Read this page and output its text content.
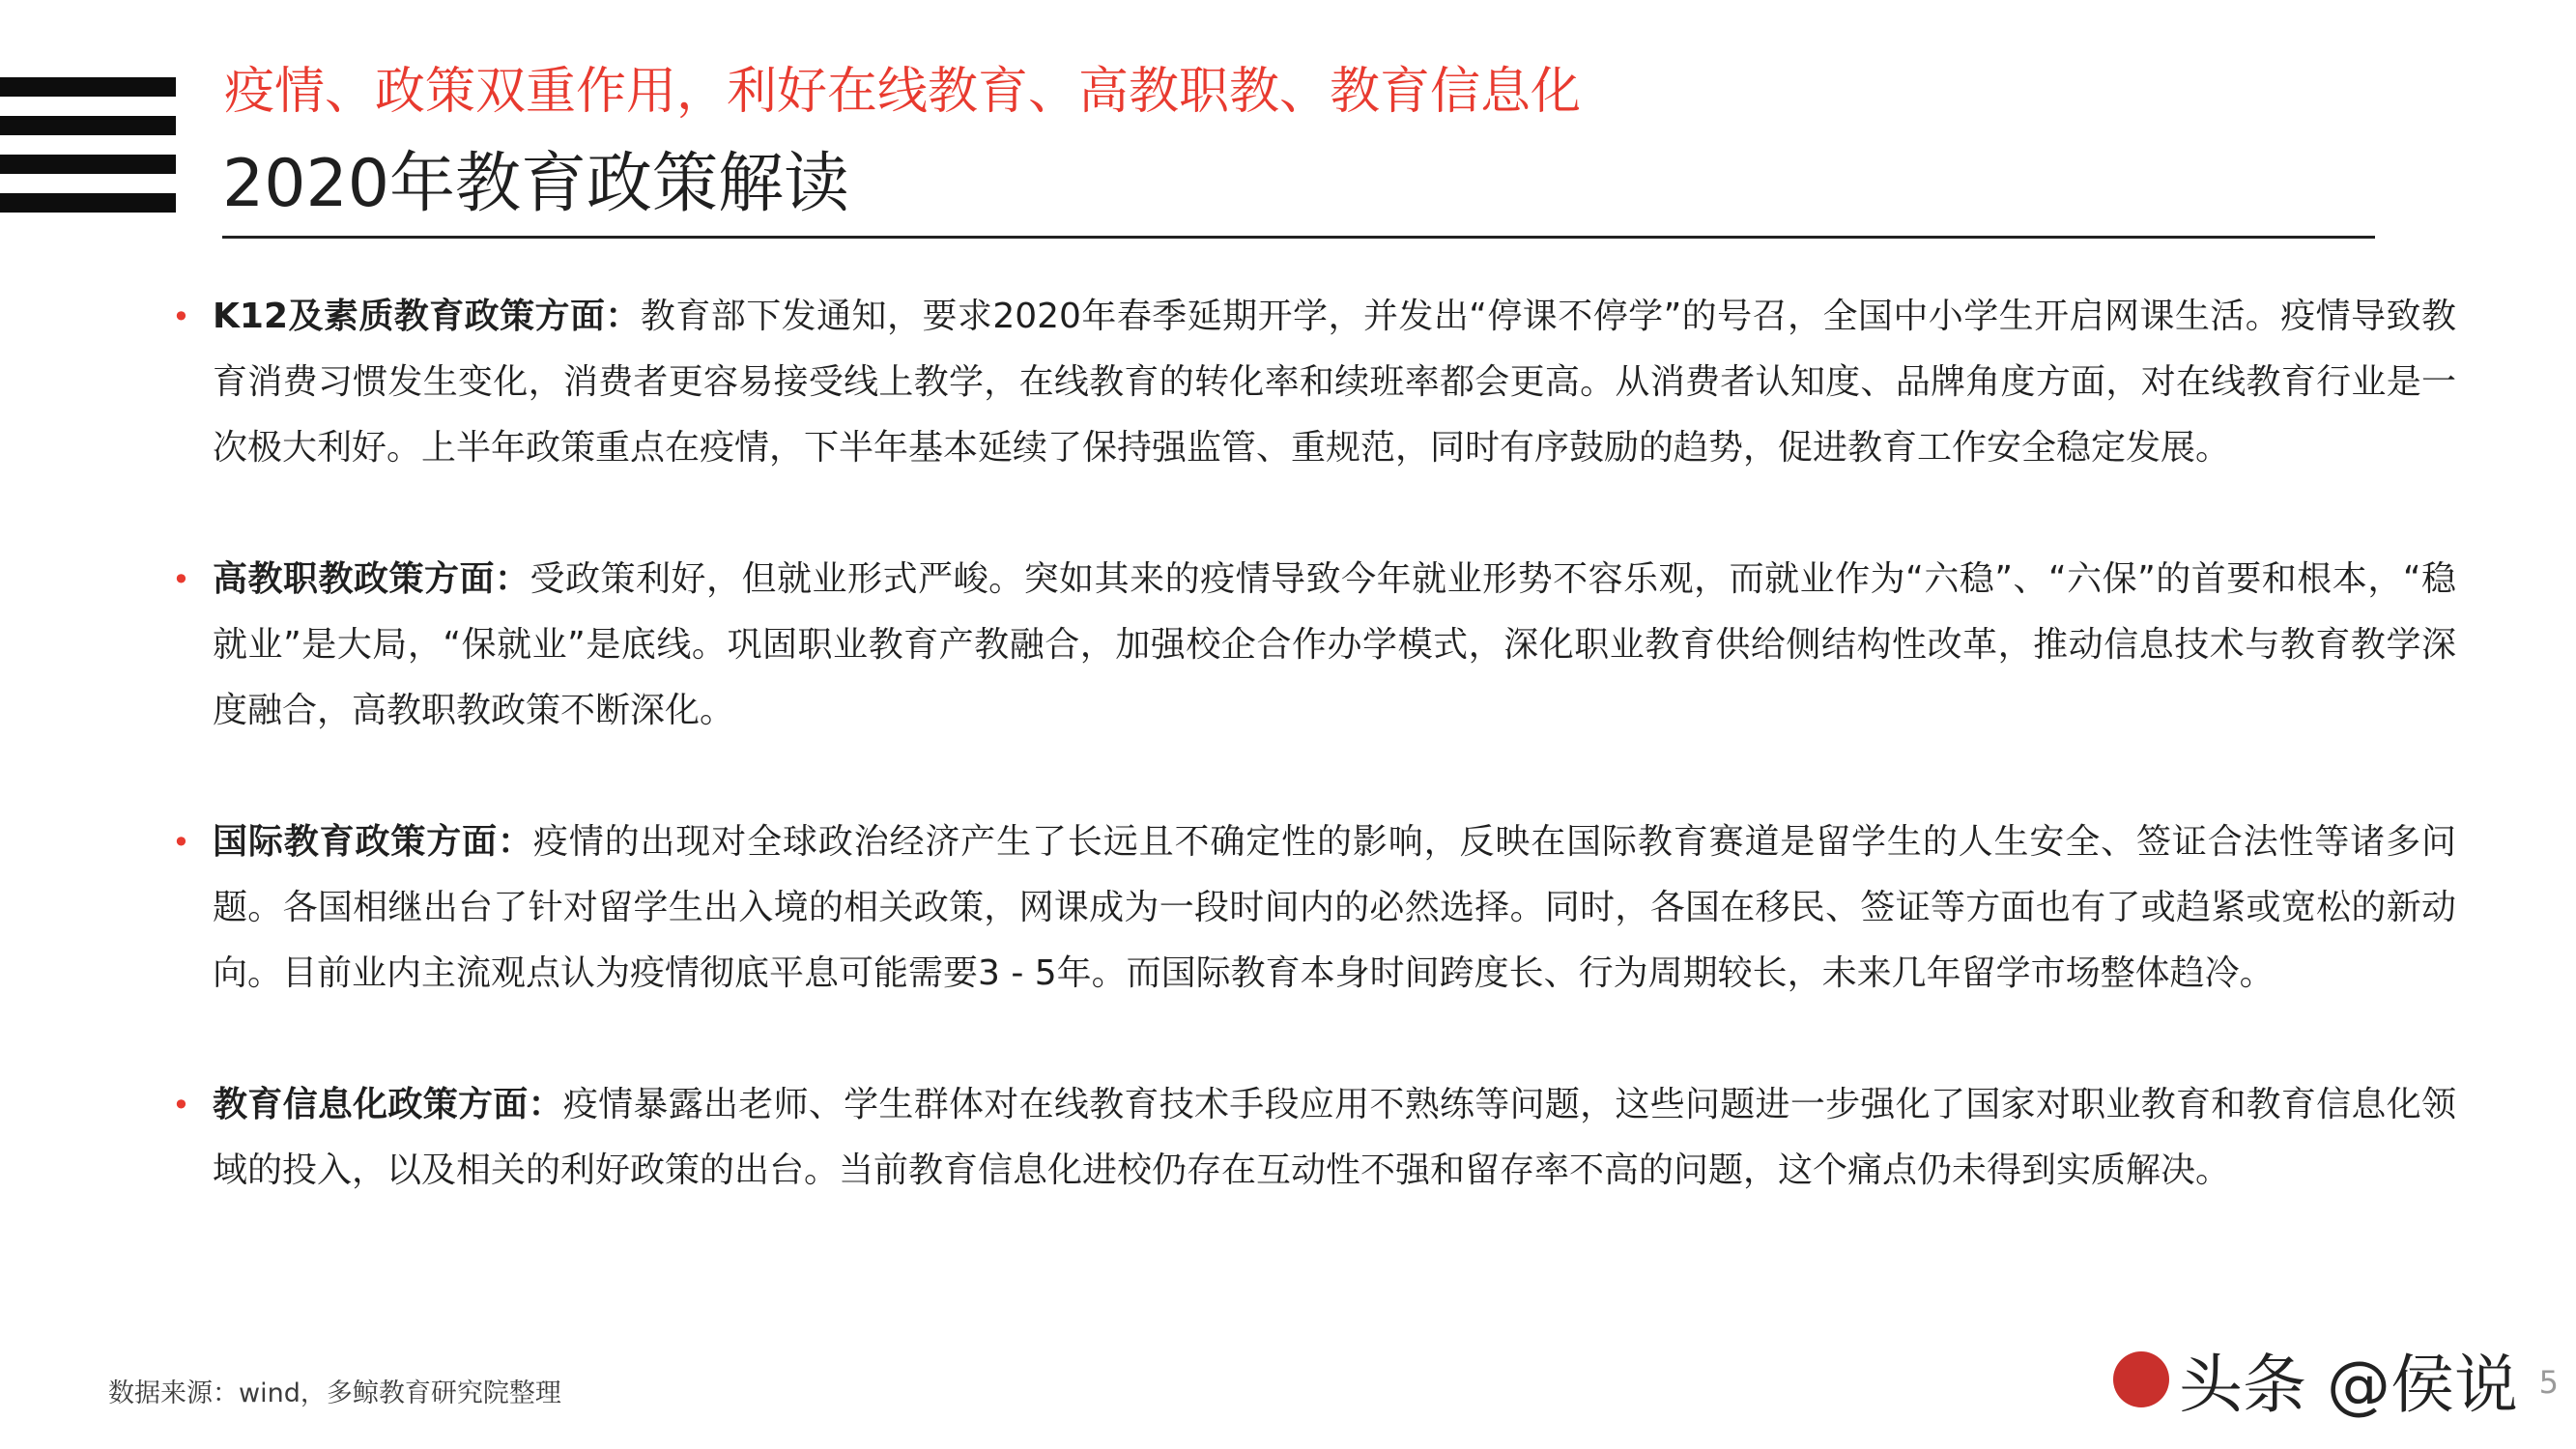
疫情、政策双重作用，利好在线教育、高教职教、教育信息化
2020年教育政策解读
• K12及素质教育政策方面：教育部下发通知，要求2020年春季延期开学，并发出“停课不停学”的号召，全国中小学生开启网课生活。疫情导致教育消费习惯发生变化，消费者更容易接受线上教学，在线教育的转化率和续班率都会更高。从消费者认知度、品牌角度方面，对在线教育行业是一次极大利好。上半年政策重点在疫情，下半年基本延续了保持强监管、重规范，同时有序鼓励的趋势，促进教育工作安全稳定发展。

• 高教职教政策方面：受政策利好，但就业形式严峻。突如其来的疫情导致今年就业形势不容乐观，而就业作为“六稳”、“六保”的首要和根本，“稳就业”是大局，“保就业”是底线。巩固职业教育产教融合，加强校企合作办学模式，深化职业教育供给侧结构性改革，推动信息技术与教育教学深度融合，高教职教政策不断深化。

• 国际教育政策方面：疫情的出现对全球政治经济产生了长远且不确定性的影响，反映在国际教育赛道是留学生的人生安全、签证合法性等诸多问题。各国相继出台了针对留学生出入境的相关政策，网课成为一段时间内的必然选择。同时，各国在移民、签证等方面也有了或趋紧或宽松的新动向。目前业内主流观点认为疫情彻底平息可能需要3 - 5年。而国际教育本身时间跨度长、行为周期较长，未来几年留学市场整体趋冷。

• 教育信息化政策方面：疫情暴露出老师、学生群体对在线教育技术手段应用不熟练等问题，这些问题进一步强化了国家对职业教育和教育信息化领域的投入，以及相关的利好政策的出台。当前教育信息化进校仍存在互动性不强和留存率不高的问题，这个痛点仍未得到实质解决。

数据来源：wind，多鲸教育研究院整理	头条 @侯说 5
